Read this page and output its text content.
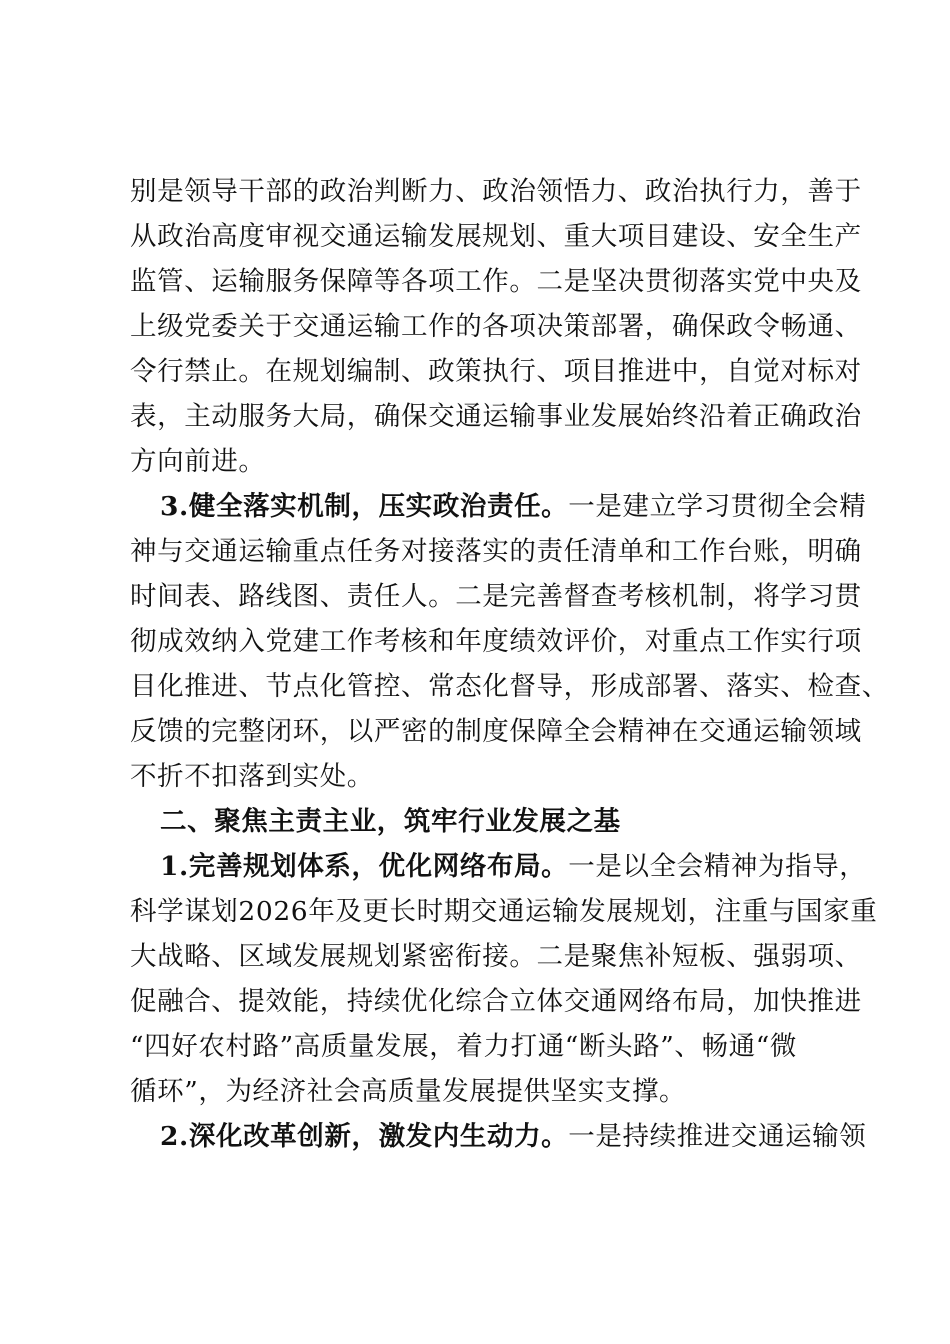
别是领导干部的政治判断力、政治领悟力、政治执行力，善于
从政治高度审视交通运输发展规划、重大项目建设、安全生产
监管、运输服务保障等各项工作。二是坚决贯彻落实党中央及
上级党委关于交通运输工作的各项决策部署，确保政令畅通、
令行禁止。在规划编制、政策执行、项目推进中，自觉对标对
表，主动服务大局，确保交通运输事业发展始终沿着正确政治
方向前进。
3.健全落实机制，压实政治责任。一是建立学习贯彻全会精
神与交通运输重点任务对接落实的责任清单和工作台账，明确
时间表、路线图、责任人。二是完善督查考核机制，将学习贯
彻成效纳入党建工作考核和年度绩效评价，对重点工作实行项
目化推进、节点化管控、常态化督导，形成部署、落实、检查、
反馈的完整闭环，以严密的制度保障全会精神在交通运输领域
不折不扣落到实处。
二、聚焦主责主业，筑牢行业发展之基
1.完善规划体系，优化网络布局。一是以全会精神为指导，
科学谋划2026年及更长时期交通运输发展规划，注重与国家重
大战略、区域发展规划紧密衔接。二是聚焦补短板、强弱项、
促融合、提效能，持续优化综合立体交通网络布局，加快推进
“四好农村路”高质量发展，着力打通“断头路”、畅通“微
循环”，为经济社会高质量发展提供坚实支撑。
2.深化改革创新，激发内生动力。一是持续推进交通运输领
